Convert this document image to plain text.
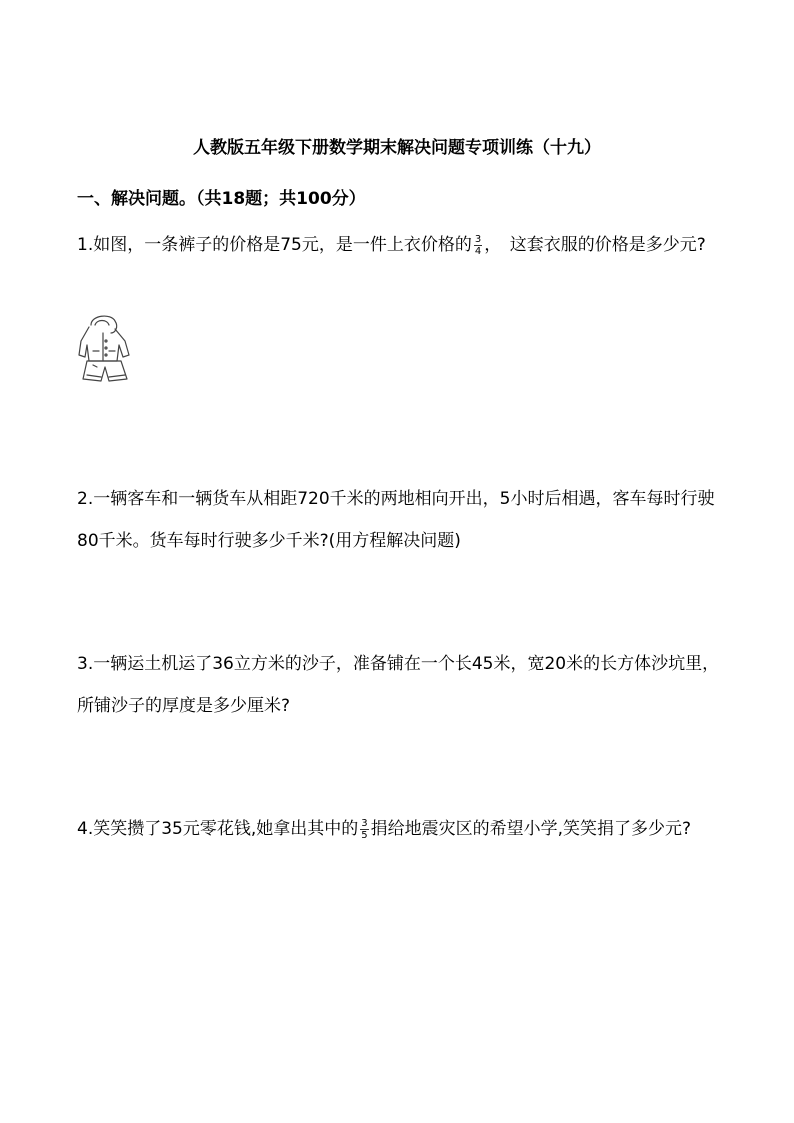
人教版五年级下册数学期末解决问题专项训练（十九）
一、解决问题。（共18题；共100分）
1.如图，一条裤子的价格是75元，是一件上衣价格的 $\frac{3}{4}$ ，　这套衣服的价格是多少元?
2.一辆客车和一辆货车从相距720千米的两地相向开出，5小时后相遇，客车每时行驶80千米。货车每时行驶多少千米?(用方程解决问题)
3.一辆运土机运了36立方米的沙子，准备铺在一个长45米，宽20米的长方体沙坑里，所铺沙子的厚度是多少厘米?
4.笑笑攒了35元零花钱,她拿出其中的 $\frac{3}{5}$ 捐给地震灾区的希望小学,笑笑捐了多少元?
